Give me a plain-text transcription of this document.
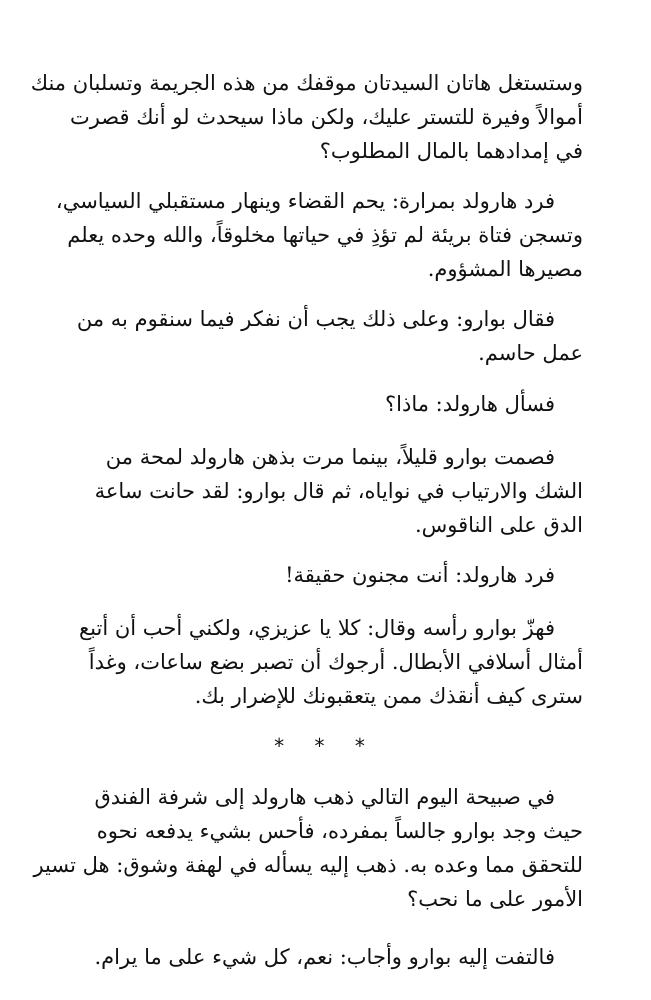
وستستغل هاتان السيدتان موقفك من هذه الجريمة وتسلبان منك
أموالاً وفيرة للتستر عليك، ولكن ماذا سيحدث لو أنك قصرت
في إمدادهما بالمال المطلوب؟
فرد هارولد بمرارة: يحم القضاء وينهار مستقبلي السياسي،
وتسجن فتاة بريئة لم تؤذِ في حياتها مخلوقاً، والله وحده يعلم
مصيرها المشؤوم.
فقال بوارو: وعلى ذلك يجب أن نفكر فيما سنقوم به من
عمل حاسم.
فسأل هارولد: ماذا؟
فصمت بوارو قليلاً، بينما مرت بذهن هارولد لمحة من
الشك والارتياب في نواياه، ثم قال بوارو: لقد حانت ساعة
الدق على الناقوس.
فرد هارولد: أنت مجنون حقيقة!
فهزّ بوارو رأسه وقال: كلا يا عزيزي، ولكني أحب أن أتبع
أمثال أسلافي الأبطال. أرجوك أن تصبر بضع ساعات، وغداً
سترى كيف أنقذك ممن يتعقبونك للإضرار بك.
* * *
في صبيحة اليوم التالي ذهب هارولد إلى شرفة الفندق
حيث وجد بوارو جالساً بمفرده، فأحس بشيء يدفعه نحوه
للتحقق مما وعده به. ذهب إليه يسأله في لهفة وشوق: هل تسير
الأمور على ما نحب؟
فالتفت إليه بوارو وأجاب: نعم، كل شيء على ما يرام.
